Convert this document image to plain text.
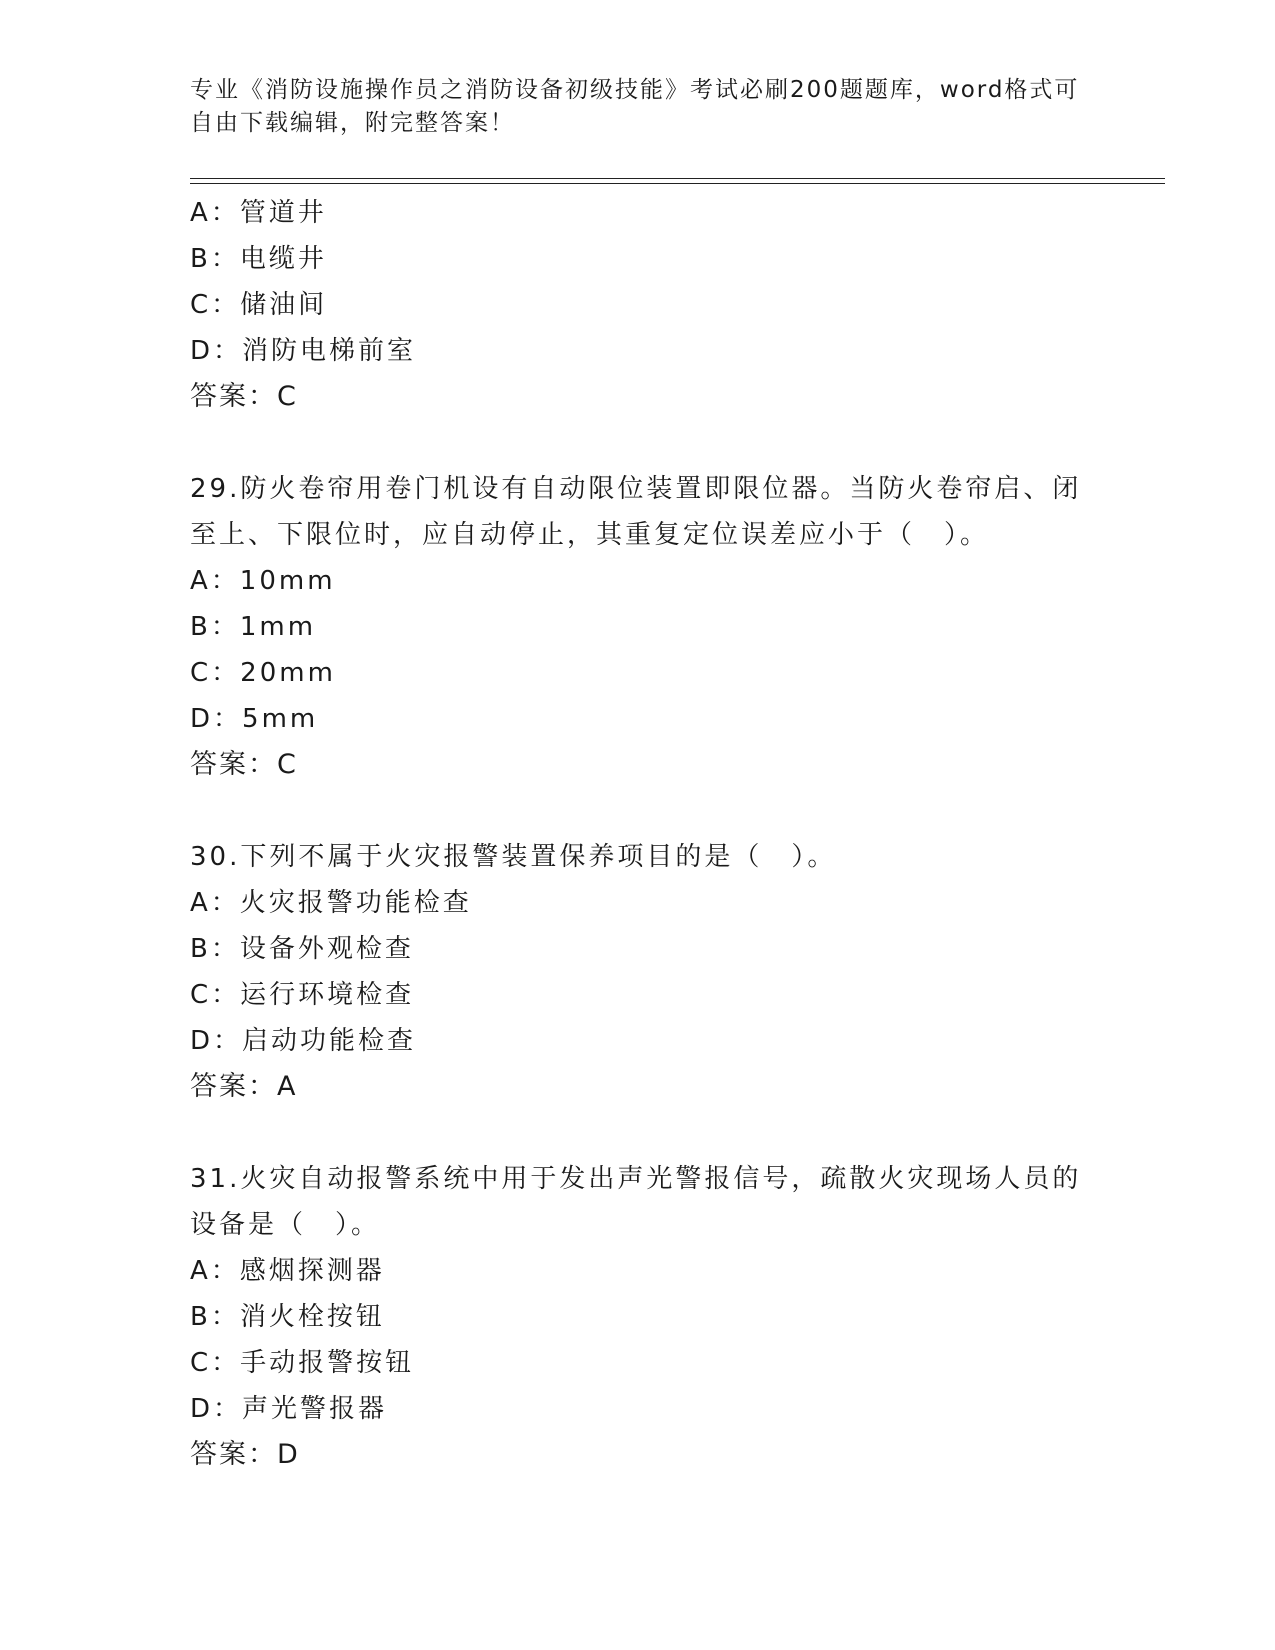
专业《消防设施操作员之消防设备初级技能》考试必刷200题题库，word格式可自由下载编辑，附完整答案！
A：管道井
B：电缆井
C：储油间
D：消防电梯前室
答案：C
29.防火卷帘用卷门机设有自动限位装置即限位器。当防火卷帘启、闭
至上、下限位时，应自动停止，其重复定位误差应小于（　）。
A：10mm
B：1mm
C：20mm
D：5mm
答案：C
30.下列不属于火灾报警装置保养项目的是（　）。
A：火灾报警功能检查
B：设备外观检查
C：运行环境检查
D：启动功能检查
答案：A
31.火灾自动报警系统中用于发出声光警报信号，疏散火灾现场人员的
设备是（　）。
A：感烟探测器
B：消火栓按钮
C：手动报警按钮
D：声光警报器
答案：D
